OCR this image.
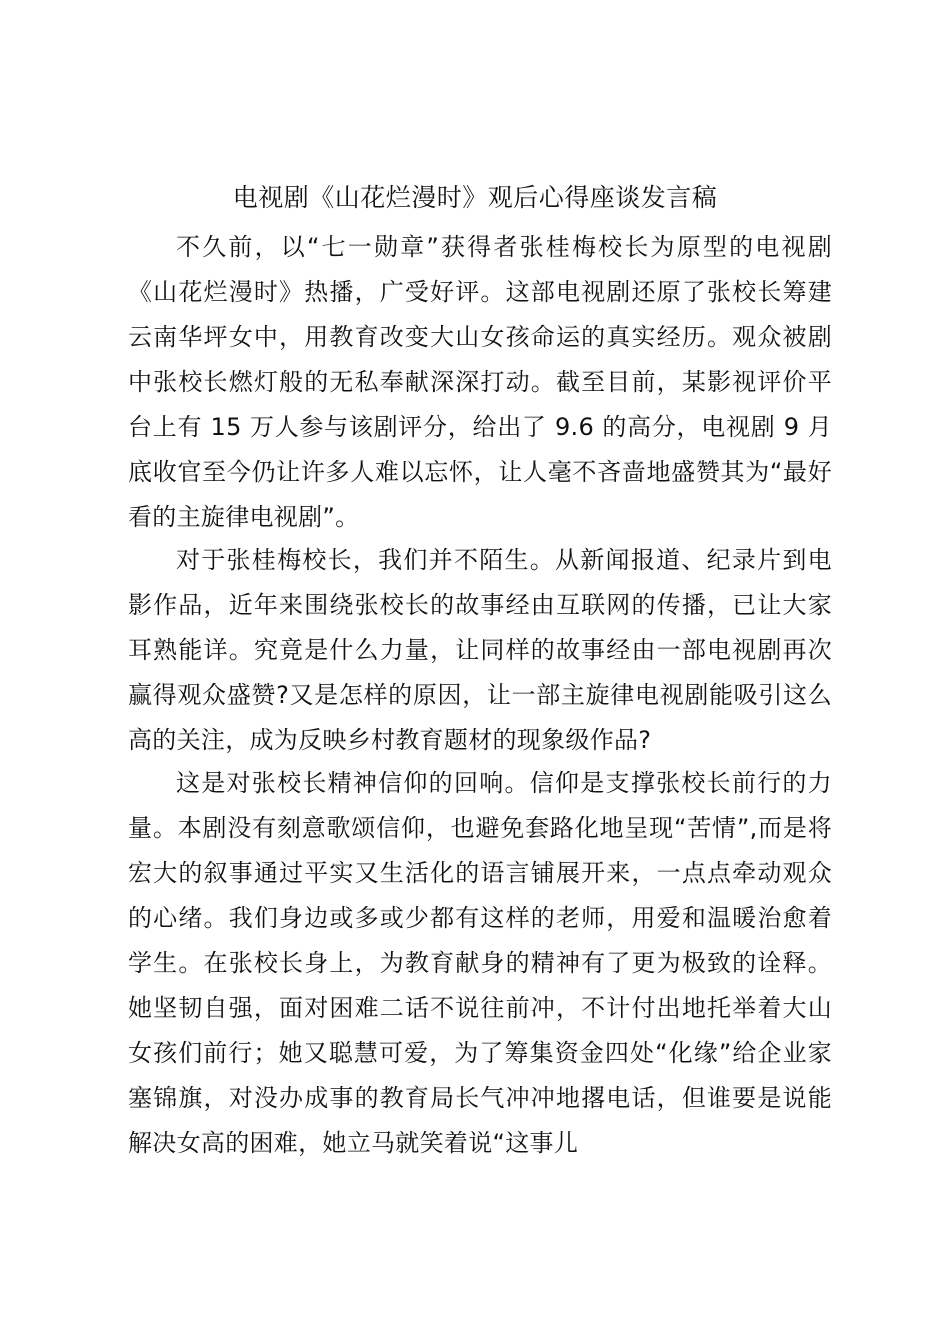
电视剧《山花烂漫时》观后心得座谈发言稿

不久前，以“七一勋章”获得者张桂梅校长为原型的电视剧《山花烂漫时》热播，广受好评。这部电视剧还原了张校长筹建云南华坪女中，用教育改变大山女孩命运的真实经历。观众被剧中张校长燃灯般的无私奉献深深打动。截至目前，某影视评价平台上有 15 万人参与该剧评分，给出了 9.6 的高分，电视剧 9 月底收官至今仍让许多人难以忘怀，让人毫不吝啬地盛赞其为“最好看的主旋律电视剧”。

对于张桂梅校长，我们并不陌生。从新闻报道、纪录片到电影作品，近年来围绕张校长的故事经由互联网的传播，已让大家耳熟能详。究竟是什么力量，让同样的故事经由一部电视剧再次赢得观众盛赞?又是怎样的原因，让一部主旋律电视剧能吸引这么高的关注，成为反映乡村教育题材的现象级作品?

这是对张校长精神信仰的回响。信仰是支撑张校长前行的力量。本剧没有刻意歌颂信仰，也避免套路化地呈现“苦情”,而是将宏大的叙事通过平实又生活化的语言铺展开来，一点点牵动观众的心绪。我们身边或多或少都有这样的老师，用爱和温暖治愈着学生。在张校长身上，为教育献身的精神有了更为极致的诠释。她坚韧自强，面对困难二话不说往前冲，不计付出地托举着大山女孩们前行；她又聪慧可爱，为了筹集资金四处“化缘”给企业家塞锦旗，对没办成事的教育局长气冲冲地撂电话，但谁要是说能解决女高的困难，她立马就笑着说“这事儿
